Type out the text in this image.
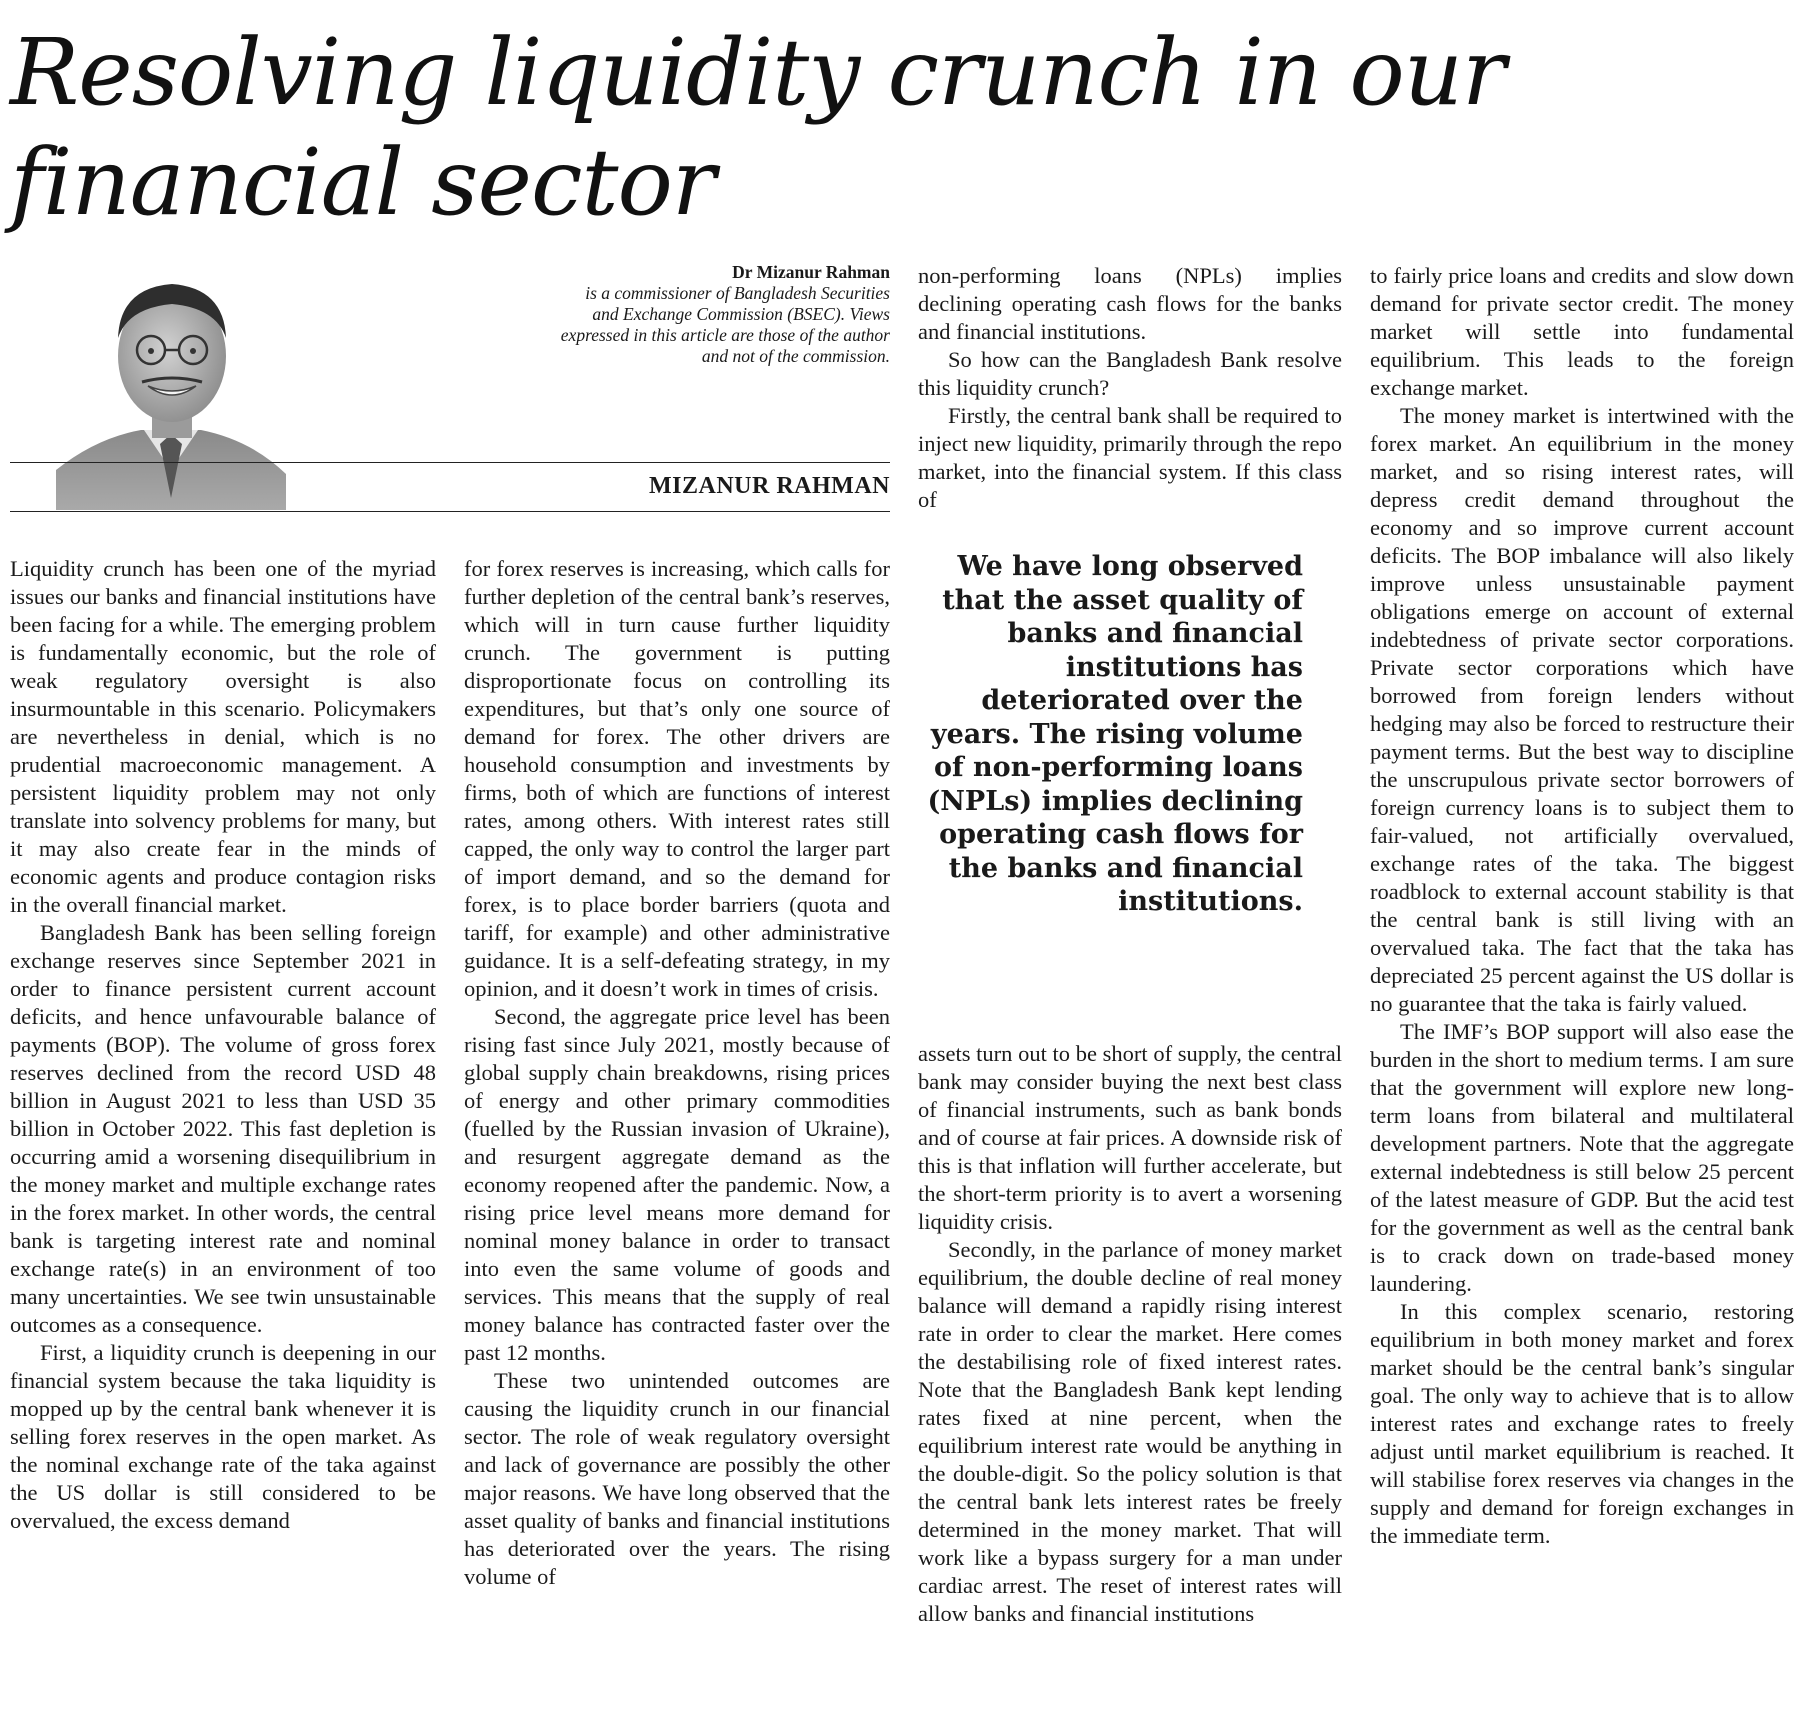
Resolving liquidity crunch in our financial sector
Dr Mizanur Rahman
is a commissioner of Bangladesh Securities and Exchange Commission (BSEC). Views expressed in this article are those of the author and not of the commission.
MIZANUR RAHMAN

Liquidity crunch has been one of the myriad issues our banks and financial institutions have been facing for a while. The emerging problem is fundamentally economic, but the role of weak regulatory oversight is also insurmountable in this scenario. Policymakers are nevertheless in denial, which is no prudential macroeconomic management. A persistent liquidity problem may not only translate into solvency problems for many, but it may also create fear in the minds of economic agents and produce contagion risks in the overall financial market.

Bangladesh Bank has been selling foreign exchange reserves since September 2021 in order to finance persistent current account deficits, and hence unfavourable balance of payments (BOP). The volume of gross forex reserves declined from the record USD 48 billion in August 2021 to less than USD 35 billion in October 2022. This fast depletion is occurring amid a worsening disequilibrium in the money market and multiple exchange rates in the forex market. In other words, the central bank is targeting interest rate and nominal exchange rate(s) in an environment of too many uncertainties. We see twin unsustainable outcomes as a consequence.

First, a liquidity crunch is deepening in our financial system because the taka liquidity is mopped up by the central bank whenever it is selling forex reserves in the open market. As the nominal exchange rate of the taka against the US dollar is still considered to be overvalued, the excess demand

for forex reserves is increasing, which calls for further depletion of the central bank’s reserves, which will in turn cause further liquidity crunch. The government is putting disproportionate focus on controlling its expenditures, but that’s only one source of demand for forex. The other drivers are household consumption and investments by firms, both of which are functions of interest rates, among others. With interest rates still capped, the only way to control the larger part of import demand, and so the demand for forex, is to place border barriers (quota and tariff, for example) and other administrative guidance. It is a self-defeating strategy, in my opinion, and it doesn’t work in times of crisis.

Second, the aggregate price level has been rising fast since July 2021, mostly because of global supply chain breakdowns, rising prices of energy and other primary commodities (fuelled by the Russian invasion of Ukraine), and resurgent aggregate demand as the economy reopened after the pandemic. Now, a rising price level means more demand for nominal money balance in order to transact into even the same volume of goods and services. This means that the supply of real money balance has contracted faster over the past 12 months.

These two unintended outcomes are causing the liquidity crunch in our financial sector. The role of weak regulatory oversight and lack of governance are possibly the other major reasons. We have long observed that the asset quality of banks and financial institutions has deteriorated over the years. The rising volume of

non-performing loans (NPLs) implies declining operating cash flows for the banks and financial institutions.

So how can the Bangladesh Bank resolve this liquidity crunch?

Firstly, the central bank shall be required to inject new liquidity, primarily through the repo market, into the financial system. If this class of

We have long observed that the asset quality of banks and financial institutions has deteriorated over the years. The rising volume of non-performing loans (NPLs) implies declining operating cash flows for the banks and financial institutions.

assets turn out to be short of supply, the central bank may consider buying the next best class of financial instruments, such as bank bonds and of course at fair prices. A downside risk of this is that inflation will further accelerate, but the short-term priority is to avert a worsening liquidity crisis.

Secondly, in the parlance of money market equilibrium, the double decline of real money balance will demand a rapidly rising interest rate in order to clear the market. Here comes the destabilising role of fixed interest rates. Note that the Bangladesh Bank kept lending rates fixed at nine percent, when the equilibrium interest rate would be anything in the double-digit. So the policy solution is that the central bank lets interest rates be freely determined in the money market. That will work like a bypass surgery for a man under cardiac arrest. The reset of interest rates will allow banks and financial institutions

to fairly price loans and credits and slow down demand for private sector credit. The money market will settle into fundamental equilibrium. This leads to the foreign exchange market.

The money market is intertwined with the forex market. An equilibrium in the money market, and so rising interest rates, will depress credit demand throughout the economy and so improve current account deficits. The BOP imbalance will also likely improve unless unsustainable payment obligations emerge on account of external indebtedness of private sector corporations. Private sector corporations which have borrowed from foreign lenders without hedging may also be forced to restructure their payment terms. But the best way to discipline the unscrupulous private sector borrowers of foreign currency loans is to subject them to fair-valued, not artificially overvalued, exchange rates of the taka. The biggest roadblock to external account stability is that the central bank is still living with an overvalued taka. The fact that the taka has depreciated 25 percent against the US dollar is no guarantee that the taka is fairly valued.

The IMF’s BOP support will also ease the burden in the short to medium terms. I am sure that the government will explore new long-term loans from bilateral and multilateral development partners. Note that the aggregate external indebtedness is still below 25 percent of the latest measure of GDP. But the acid test for the government as well as the central bank is to crack down on trade-based money laundering.

In this complex scenario, restoring equilibrium in both money market and forex market should be the central bank’s singular goal. The only way to achieve that is to allow interest rates and exchange rates to freely adjust until market equilibrium is reached. It will stabilise forex reserves via changes in the supply and demand for foreign exchanges in the immediate term.
